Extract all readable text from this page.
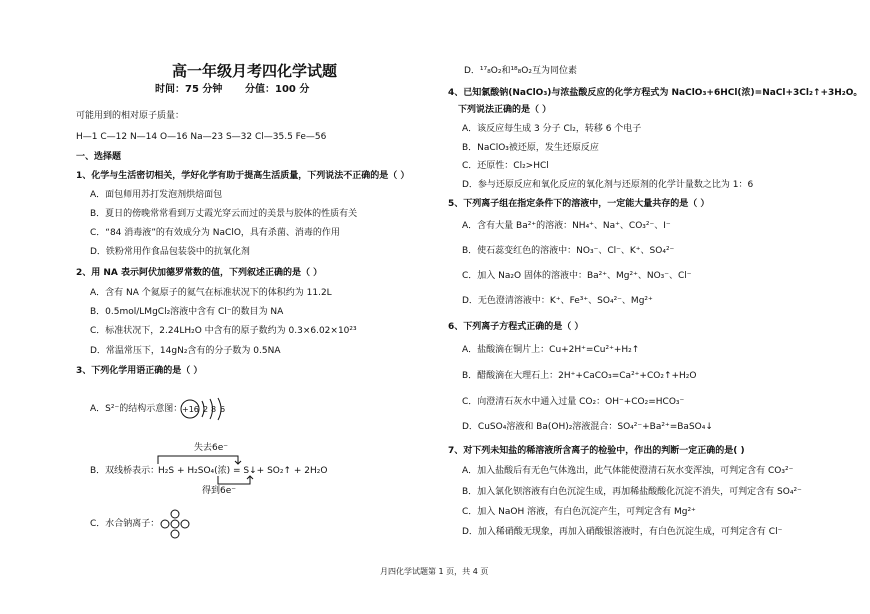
高一年级月考四化学试题
时间：75 分钟 分值：100 分
可能用到的相对原子质量：
H—1 C—12 N—14 O—16 Na—23 S—32 Cl—35.5 Fe—56
一、选择题
1、化学与生活密切相关，学好化学有助于提高生活质量，下列说法不正确的是（ ）
A．面包师用苏打发泡剂烘焙面包
B．夏日的傍晚常常看到万丈霞光穿云而过的美景与胶体的性质有关
C．“84 消毒液”的有效成分为 NaClO，具有杀菌、消毒的作用
D．铁粉常用作食品包装袋中的抗氧化剂
2、用 NA 表示阿伏加德罗常数的值，下列叙述正确的是（ ）
A．含有 NA 个氦原子的氦气在标准状况下的体积约为 11.2L
B．0.5mol/LMgCl₂溶液中含有 Cl⁻的数目为 NA
C．标准状况下，2.24LH₂O 中含有的原子数约为 0.3×6.02×10²³
D．常温常压下，14gN₂含有的分子数为 0.5NA
3、下列化学用语正确的是（ ）
A．S²⁻的结构示意图： +16 2 8 6
失去6e⁻
B．双线桥表示：
H₂S + H₂SO₄(浓) = S↓+ SO₂↑ + 2H₂O
得到6e⁻
C．水合钠离子：
D．¹⁷₈O₂和¹⁸₈O₂互为同位素
4、已知氯酸钠(NaClO₃)与浓盐酸反应的化学方程式为 NaClO₃+6HCl(浓)=NaCl+3Cl₂↑+3H₂O。
下列说法正确的是（ ）
A．该反应每生成 3 分子 Cl₂，转移 6 个电子
B．NaClO₃被还原，发生还原反应
C．还原性：Cl₂>HCl
D．参与还原反应和氧化反应的氧化剂与还原剂的化学计量数之比为 1：6
5、下列离子组在指定条件下的溶液中，一定能大量共存的是（ ）
A．含有大量 Ba²⁺的溶液：NH₄⁺、Na⁺、CO₃²⁻、I⁻
B．使石蕊变红色的溶液中：NO₃⁻、Cl⁻、K⁺、SO₄²⁻
C．加入 Na₂O 固体的溶液中：Ba²⁺、Mg²⁺、NO₃⁻、Cl⁻
D．无色澄清溶液中：K⁺、Fe³⁺、SO₄²⁻、Mg²⁺
6、下列离子方程式正确的是（ ）
A．盐酸滴在铜片上：Cu+2H⁺=Cu²⁺+H₂↑
B．醋酸滴在大理石上：2H⁺+CaCO₃=Ca²⁺+CO₂↑+H₂O
C．向澄清石灰水中通入过量 CO₂：OH⁻+CO₂=HCO₃⁻
D．CuSO₄溶液和 Ba(OH)₂溶液混合：SO₄²⁻+Ba²⁺=BaSO₄↓
7、对下列未知盐的稀溶液所含离子的检验中，作出的判断一定正确的是( )
A．加入盐酸后有无色气体逸出，此气体能使澄清石灰水变浑浊，可判定含有 CO₃²⁻
B．加入氯化钡溶液有白色沉淀生成，再加稀盐酸酸化沉淀不消失，可判定含有 SO₄²⁻
C．加入 NaOH 溶液，有白色沉淀产生，可判定含有 Mg²⁺
D．加入稀硝酸无现象，再加入硝酸银溶液时，有白色沉淀生成，可判定含有 Cl⁻
月四化学试题第 1 页，共 4 页
